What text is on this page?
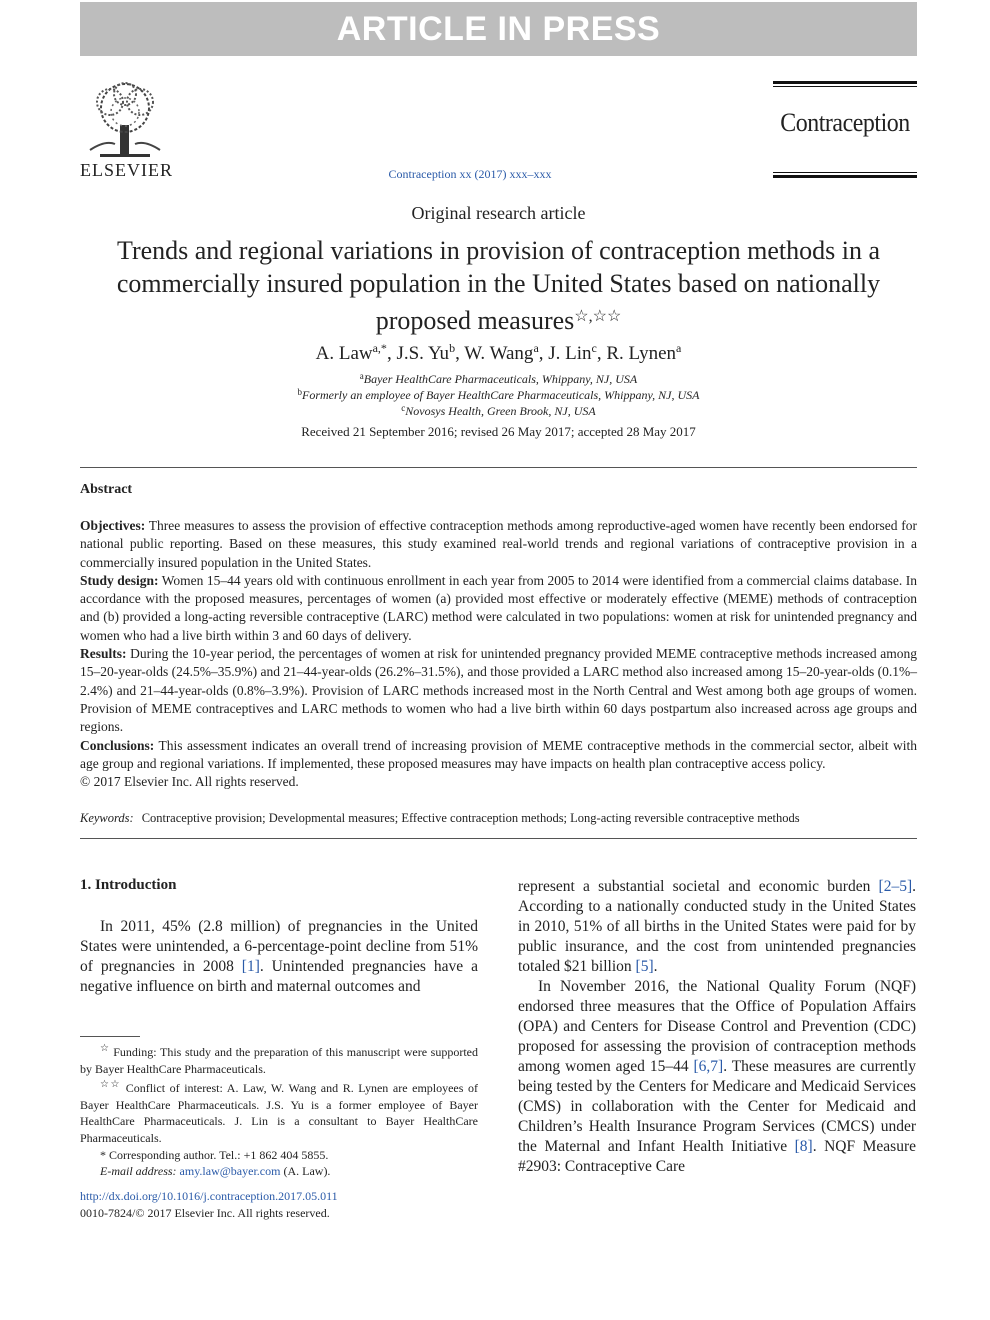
ARTICLE IN PRESS
ELSEVIER	Contraception xx (2017) xxx–xxx
Contraception
Original research article
Trends and regional variations in provision of contraception methods in a
commercially insured population in the United States based on nationally
proposed measures☆,☆☆
A. Law$^{a,*}$, J.S. Yu$^b$, W. Wang$^a$, J. Lin$^c$, R. Lynen$^a$
$^a$Bayer HealthCare Pharmaceuticals, Whippany, NJ, USA
$^b$Formerly an employee of Bayer HealthCare Pharmaceuticals, Whippany, NJ, USA
$^c$Novosys Health, Green Brook, NJ, USA
Received 21 September 2016; revised 26 May 2017; accepted 28 May 2017
Abstract

Objectives: Three measures to assess the provision of effective contraception methods among reproductive-aged women have recently been endorsed for national public reporting. Based on these measures, this study examined real-world trends and regional variations of contraceptive provision in a commercially insured population in the United States.

Study design: Women 15–44 years old with continuous enrollment in each year from 2005 to 2014 were identified from a commercial claims database. In accordance with the proposed measures, percentages of women (a) provided most effective or moderately effective (MEME) methods of contraception and (b) provided a long-acting reversible contraceptive (LARC) method were calculated in two populations: women at risk for unintended pregnancy and women who had a live birth within 3 and 60 days of delivery.

Results: During the 10-year period, the percentages of women at risk for unintended pregnancy provided MEME contraceptive methods increased among 15–20-year-olds (24.5%–35.9%) and 21–44-year-olds (26.2%–31.5%), and those provided a LARC method also increased among 15–20-year-olds (0.1%–2.4%) and 21–44-year-olds (0.8%–3.9%). Provision of LARC methods increased most in the North Central and West among both age groups of women. Provision of MEME contraceptives and LARC methods to women who had a live birth within 60 days postpartum also increased across age groups and regions.

Conclusions: This assessment indicates an overall trend of increasing provision of MEME contraceptive methods in the commercial sector, albeit with age group and regional variations. If implemented, these proposed measures may have impacts on health plan contraceptive access policy.

© 2017 Elsevier Inc. All rights reserved.

Keywords: Contraceptive provision; Developmental measures; Effective contraception methods; Long-acting reversible contraceptive methods
1. Introduction

In 2011, 45% (2.8 million) of pregnancies in the United States were unintended, a 6-percentage-point decline from 51% of pregnancies in 2008 [1]. Unintended pregnancies have a negative influence on birth and maternal outcomes and

represent a substantial societal and economic burden [2–5]. According to a nationally conducted study in the United States in 2010, 51% of all births in the United States were paid for by public insurance, and the cost from unintended pregnancies totaled $21 billion [5].

In November 2016, the National Quality Forum (NQF) endorsed three measures that the Office of Population Affairs (OPA) and Centers for Disease Control and Prevention (CDC) proposed for assessing the provision of contraception methods among women aged 15–44 [6,7]. These measures are currently being tested by the Centers for Medicare and Medicaid Services (CMS) in collaboration with the Center for Medicaid and Children’s Health Insurance Program Services (CMCS) under the Maternal and Infant Health Initiative [8]. NQF Measure #2903: Contraceptive Care

☆ Funding: This study and the preparation of this manuscript were supported by Bayer HealthCare Pharmaceuticals.

☆☆ Conflict of interest: A. Law, W. Wang and R. Lynen are employees of Bayer HealthCare Pharmaceuticals. J.S. Yu is a former employee of Bayer HealthCare Pharmaceuticals. J. Lin is a consultant to Bayer HealthCare Pharmaceuticals.

* Corresponding author. Tel.: +1 862 404 5855.

E-mail address: amy.law@bayer.com (A. Law).

http://dx.doi.org/10.1016/j.contraception.2017.05.011
0010-7824/© 2017 Elsevier Inc. All rights reserved.
